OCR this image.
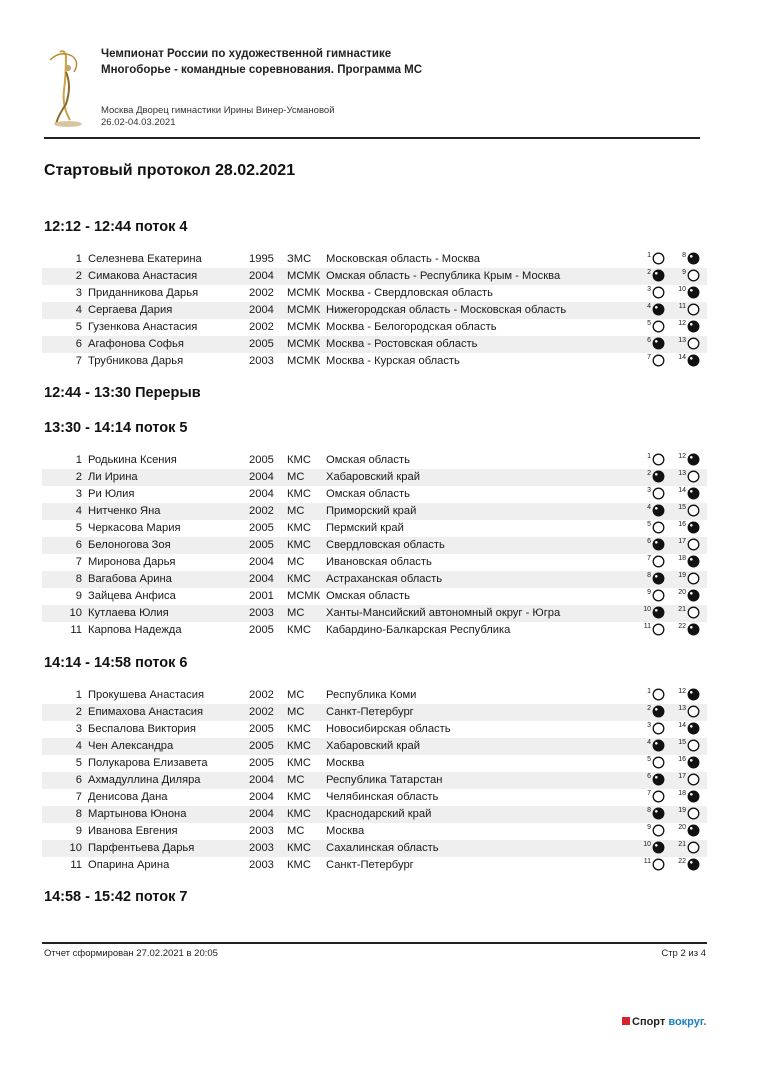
Чемпионат России по художественной гимнастике
Многоборье - командные соревнования. Программа МС
Москва Дворец гимнастики Ирины Винер-Усмановой
26.02-04.03.2021
Стартовый протокол 28.02.2021
12:12 - 12:44 поток 4
1 Селезнева Екатерина	1995 ЗМС Московская область - Москва	1	8
2 Симакова Анастасия	2004 МСМК Омская область - Республика Крым - Москва	2	9
3 Приданникова Дарья	2002 МСМК Москва - Свердловская область	3	10
4 Сергаева Дария	2004 МСМК Нижегородская область - Московская область	4	11
5 Гузенкова Анастасия	2002 МСМК Москва - Белогородская область	5	12
6 Агафонова Софья	2005 МСМК Москва - Ростовская область	6	13
7 Трубникова Дарья	2003 МСМК Москва - Курская область	7	14
12:44 - 13:30 Перерыв
13:30 - 14:14 поток 5
1 Родькина Ксения	2005 КМС Омская область	1	12
2 Ли Ирина	2004 МС Хабаровский край	2	13
3 Ри Юлия	2004 КМС Омская область	3	14
4 Нитченко Яна	2002 МС Приморский край	4	15
5 Черкасова Мария	2005 КМС Пермский край	5	16
6 Белоногова Зоя	2005 КМС Свердловская область	6	17
7 Миронова Дарья	2004 МС Ивановская область	7	18
8 Вагабова Арина	2004 КМС Астраханская область	8	19
9 Зайцева Анфиса	2001 МСМК Омская область	9	20
10 Кутлаева Юлия	2003 МС Ханты-Мансийский автономный округ - Югра	10	21
11 Карпова Надежда	2005 КМС Кабардино-Балкарская Республика	11	22
14:14 - 14:58 поток 6
1 Прокушева Анастасия	2002 МС Республика Коми	1	12
2 Епимахова Анастасия	2002 МС Санкт-Петербург	2	13
3 Беспалова Виктория	2005 КМС Новосибирская область	3	14
4 Чен Александра	2005 КМС Хабаровский край	4	15
5 Полукарова Елизавета	2005 КМС Москва	5	16
6 Ахмадуллина Диляра	2004 МС Республика Татарстан	6	17
7 Денисова Дана	2004 КМС Челябинская область	7	18
8 Мартынова Юнона	2004 КМС Краснодарский край	8	19
9 Иванова Евгения	2003 МС Москва	9	20
10 Парфентьева Дарья	2003 КМС Сахалинская область	10	21
11 Опарина Арина	2003 КМС Санкт-Петербург	11	22
14:58 - 15:42 поток 7
Отчет сформирован 27.02.2021 в 20:05	Стр 2 из 4
Спорт вокруг.
